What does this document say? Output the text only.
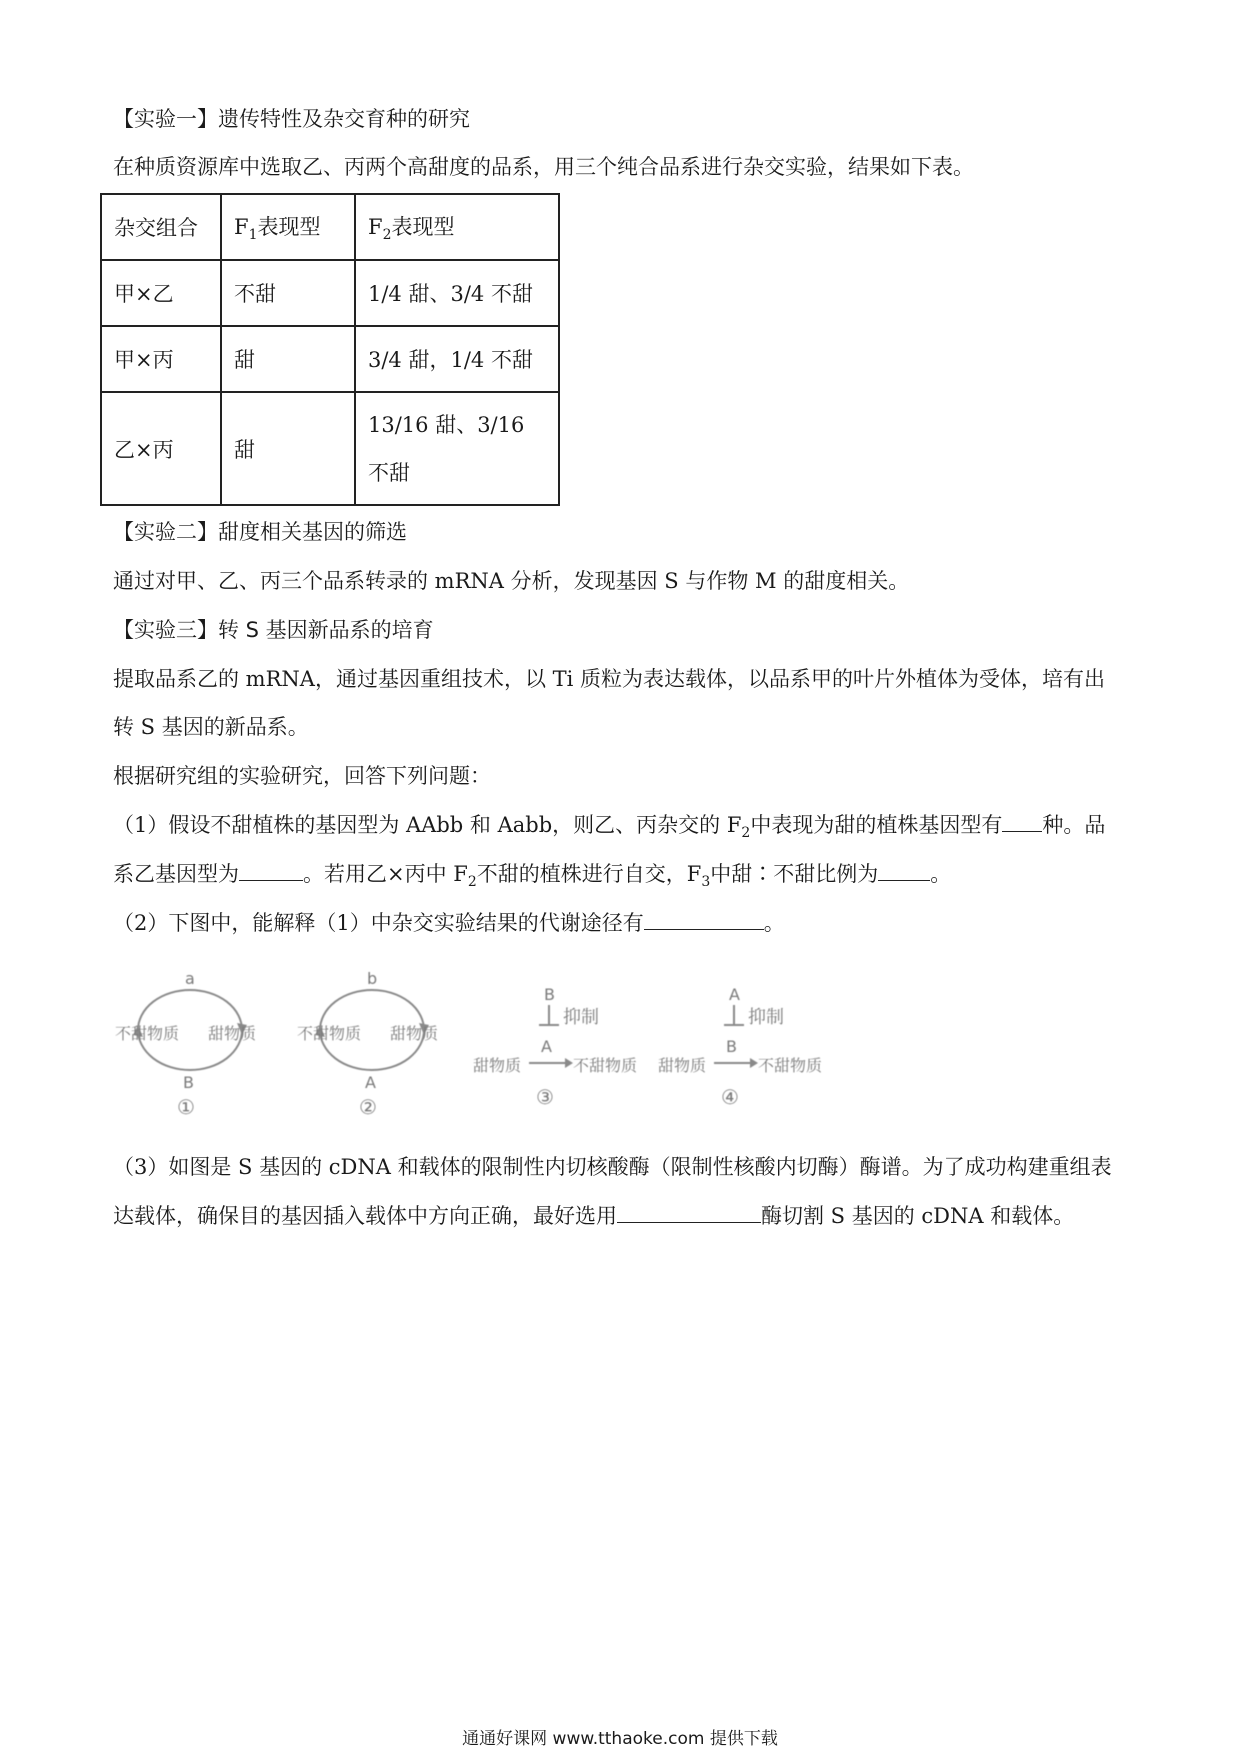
【实验一】遗传特性及杂交育种的研究
在种质资源库中选取乙、丙两个高甜度的品系，用三个纯合品系进行杂交实验，结果如下表。
杂交组合	$F_1$表现型	$F_2$表现型
甲×乙	不甜	1/4 甜、3/4 不甜
甲×丙	甜	3/4 甜，1/4 不甜
乙×丙	甜	13/16 甜、3/16 不甜
【实验二】甜度相关基因的筛选
通过对甲、乙、丙三个品系转录的 mRNA 分析，发现基因 S 与作物 M 的甜度相关。
【实验三】转 S 基因新品系的培育
提取品系乙的 mRNA，通过基因重组技术，以 Ti 质粒为表达载体，以品系甲的叶片外植体为受体，培有出
转 S 基因的新品系。
根据研究组的实验研究，回答下列问题：
（1）假设不甜植株的基因型为 AAbb 和 Aabb，则乙、丙杂交的 $F_2$中表现为甜的植株基因型有 种。品
系乙基因型为	。若用乙×丙中 $F_2$不甜的植株进行自交，$F_3$中甜∶不甜比例为 。
（2）下图中，能解释（1）中杂交实验结果的代谢途径有	。
a
不甜物质 甜物质
B
①
b
不甜物质 甜物质
A
②
B
抑制
A
甜物质	不甜物质
③
A
抑制
B
甜物质	不甜物质
④
（3）如图是 S 基因的 cDNA 和载体的限制性内切核酸酶（限制性核酸内切酶）酶谱。为了成功构建重组表
达载体，确保目的基因插入载体中方向正确，最好选用	酶切割 S 基因的 cDNA 和载体。
通通好课网 www.tthaoke.com 提供下载
